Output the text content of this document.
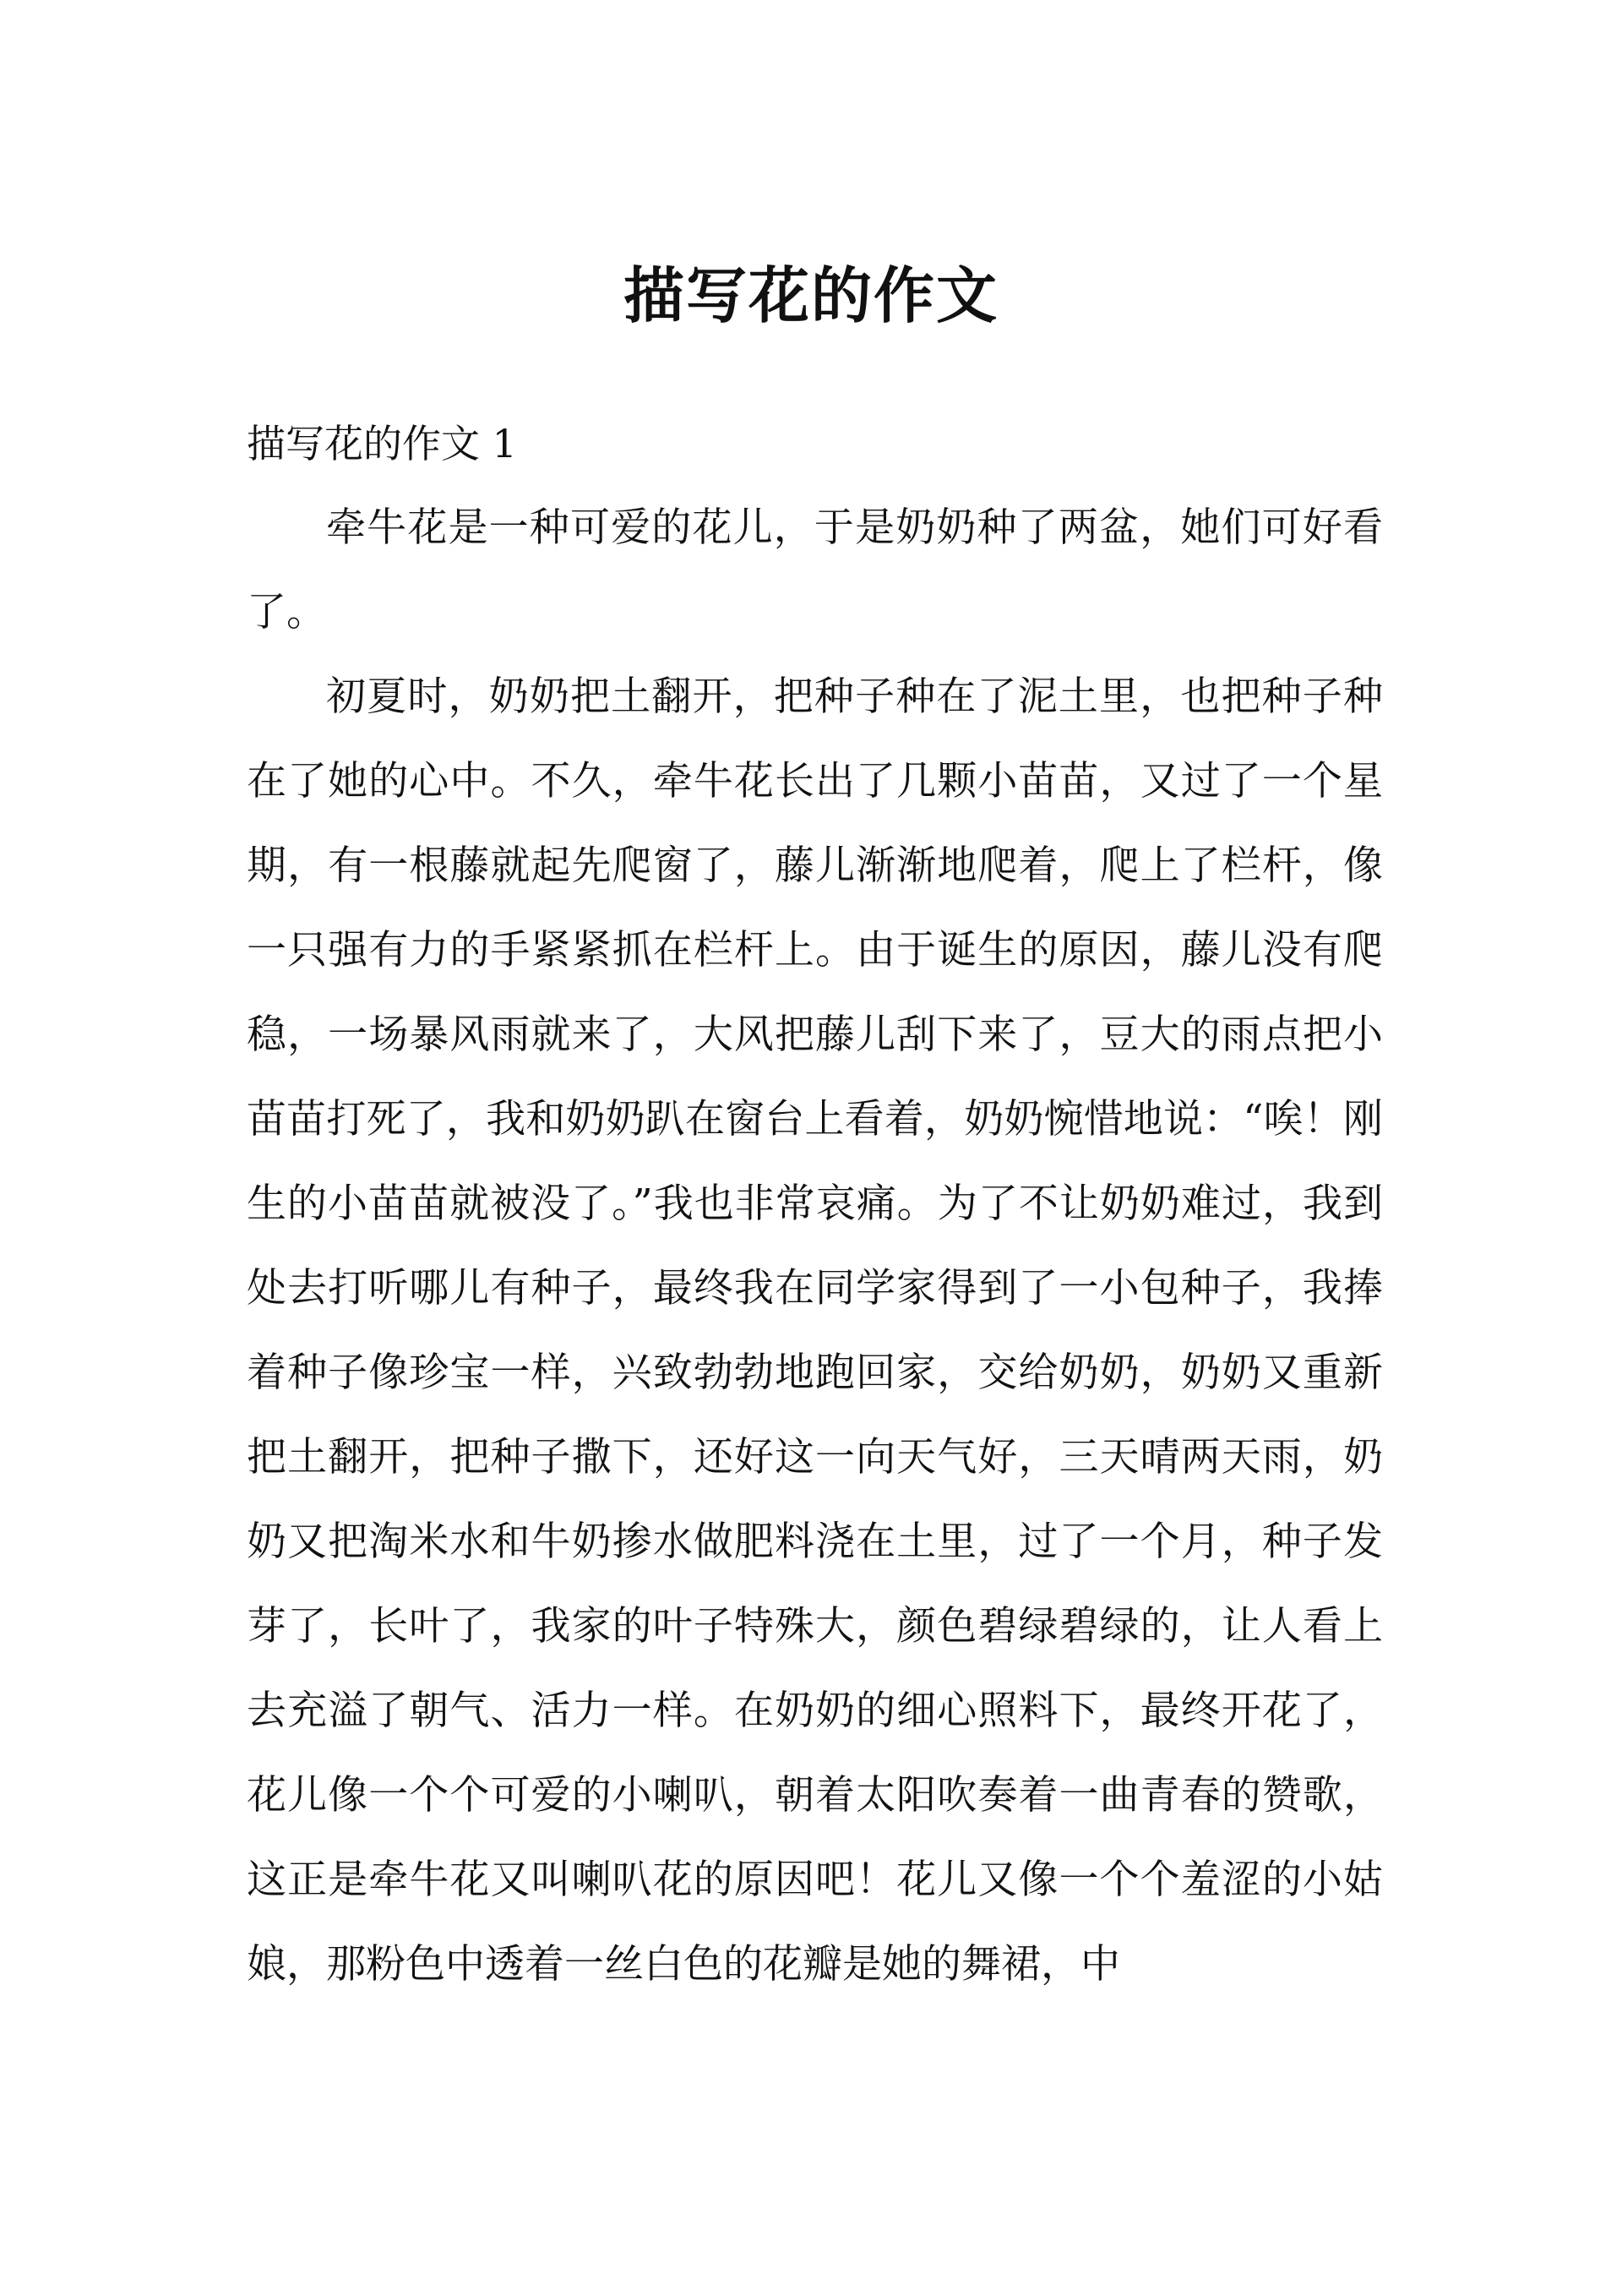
描写花的作文

描写花的作文 1

牵牛花是一种可爱的花儿，于是奶奶种了两盆，她们可好看了。

初夏时，奶奶把土翻开，把种子种在了泥土里，也把种子种在了她的心中。不久，牵牛花长出了几颗小苗苗，又过了一个星期，有一根藤就起先爬窗了，藤儿渐渐地爬着，爬上了栏杆，像一只强有力的手紧紧抓在栏杆上。由于诞生的原因，藤儿没有爬稳，一场暴风雨就来了，大风把藤儿刮下来了，豆大的雨点把小苗苗打死了，我和奶奶趴在窗台上看着，奶奶惋惜地说：“唉！刚生的小苗苗就被没了。”我也非常哀痛。为了不让奶奶难过，我到处去打听哪儿有种子，最终我在同学家得到了一小包种子，我捧着种子像珍宝一样，兴致勃勃地跑回家，交给奶奶，奶奶又重新把土翻开，把种子撒下，还好这一向天气好，三天晴两天雨，奶奶又把淘米水和牛奶掺水做肥料浇在土里，过了一个月，种子发芽了，长叶了，我家的叶子特殊大，颜色碧绿碧绿的，让人看上去充溢了朝气、活力一样。在奶奶的细心照料下，最终开花了，花儿像一个个可爱的小喇叭，朝着太阳吹奏着一曲青春的赞歌，这正是牵牛花又叫喇叭花的原因吧！花儿又像一个个羞涩的小姑娘，那粉色中透着一丝白色的花瓣是她的舞裙，中
